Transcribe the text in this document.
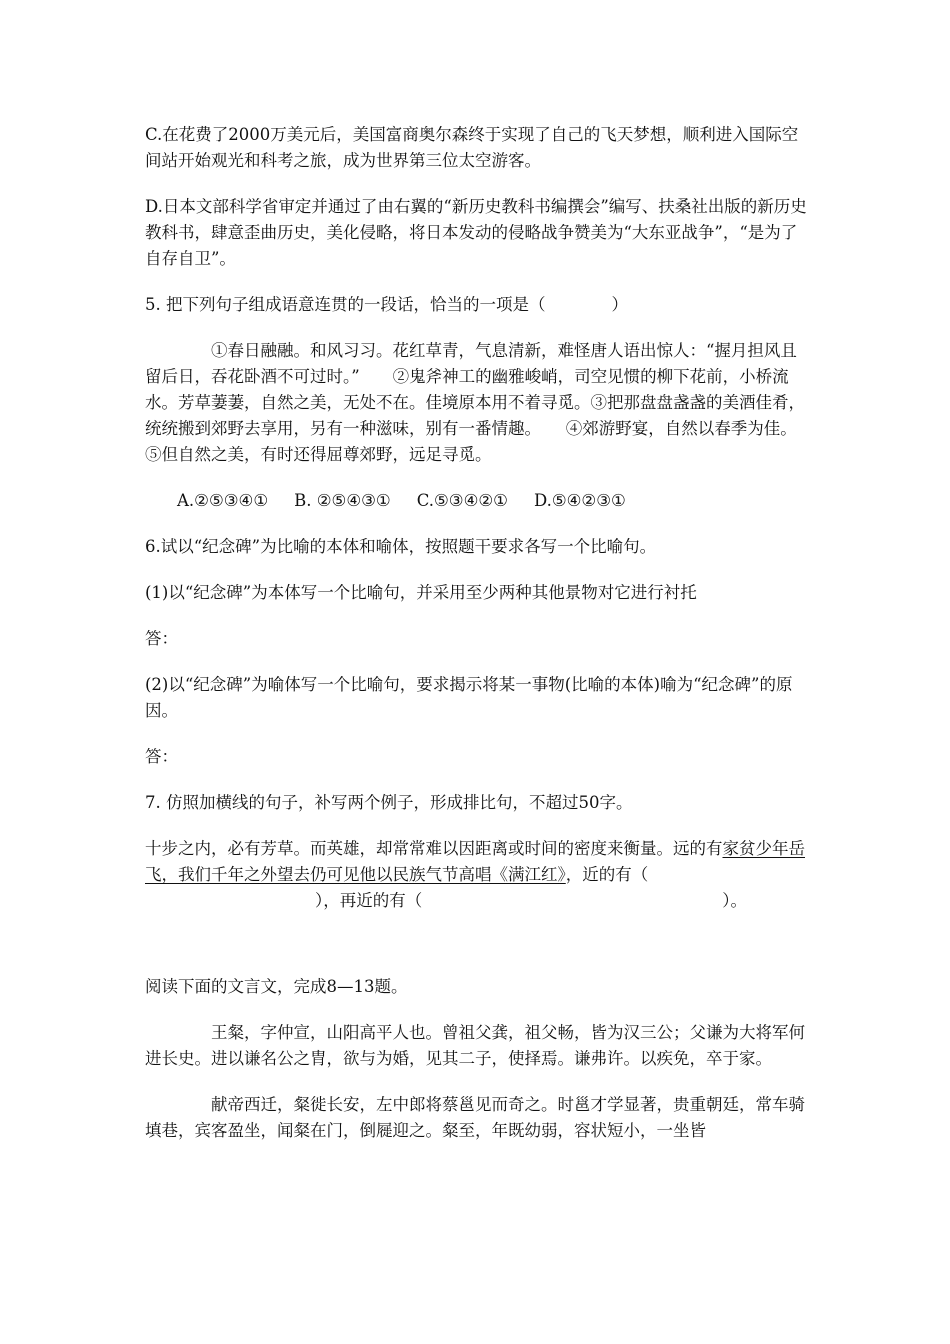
C.在花费了2000万美元后，美国富商奥尔森终于实现了自己的飞天梦想，顺利进入国际空间站开始观光和科考之旅，成为世界第三位太空游客。

D.日本文部科学省审定并通过了由右翼的“新历史教科书编撰会”编写、扶桑社出版的新历史教科书，肆意歪曲历史，美化侵略，将日本发动的侵略战争赞美为“大东亚战争”，“是为了自存自卫”。

5. 把下列句子组成语意连贯的一段话，恰当的一项是（　　　　）

①春日融融。和风习习。花红草青，气息清新，难怪唐人语出惊人：“握月担风且留后日，吞花卧酒不可过时。”　　②鬼斧神工的幽雅峻峭，司空见惯的柳下花前，小桥流水。芳草萋萋，自然之美，无处不在。佳境原本用不着寻觅。③把那盘盘盏盏的美酒佳肴，统统搬到郊野去享用，另有一种滋味，别有一番情趣。　　④郊游野宴，自然以春季为佳。　　⑤但自然之美，有时还得屈尊郊野，远足寻觅。

A.②⑤③④① B. ②⑤④③① C.⑤③④②① D.⑤④②③①

6.试以“纪念碑”为比喻的本体和喻体，按照题干要求各写一个比喻句。

(1)以“纪念碑”为本体写一个比喻句，并采用至少两种其他景物对它进行衬托

答：

(2)以“纪念碑”为喻体写一个比喻句，要求揭示将某一事物(比喻的本体)喻为“纪念碑”的原因。

答：

7. 仿照加横线的句子，补写两个例子，形成排比句，不超过50字。

十步之内，必有芳草。而英雄，却常常难以因距离或时间的密度来衡量。远的有家贫少年岳飞，我们千年之外望去仍可见他以民族气节高唱《满江红》，近的有（），再近的有（	）。

阅读下面的文言文，完成8—13题。

王粲，字仲宣，山阳高平人也。曾祖父龚，祖父畅，皆为汉三公；父谦为大将军何进长史。进以谦名公之胄，欲与为婚，见其二子，使择焉。谦弗许。以疾免，卒于家。

献帝西迁，粲徙长安，左中郎将蔡邕见而奇之。时邕才学显著，贵重朝廷，常车骑填巷，宾客盈坐，闻粲在门，倒屣迎之。粲至，年既幼弱，容状短小，一坐皆
